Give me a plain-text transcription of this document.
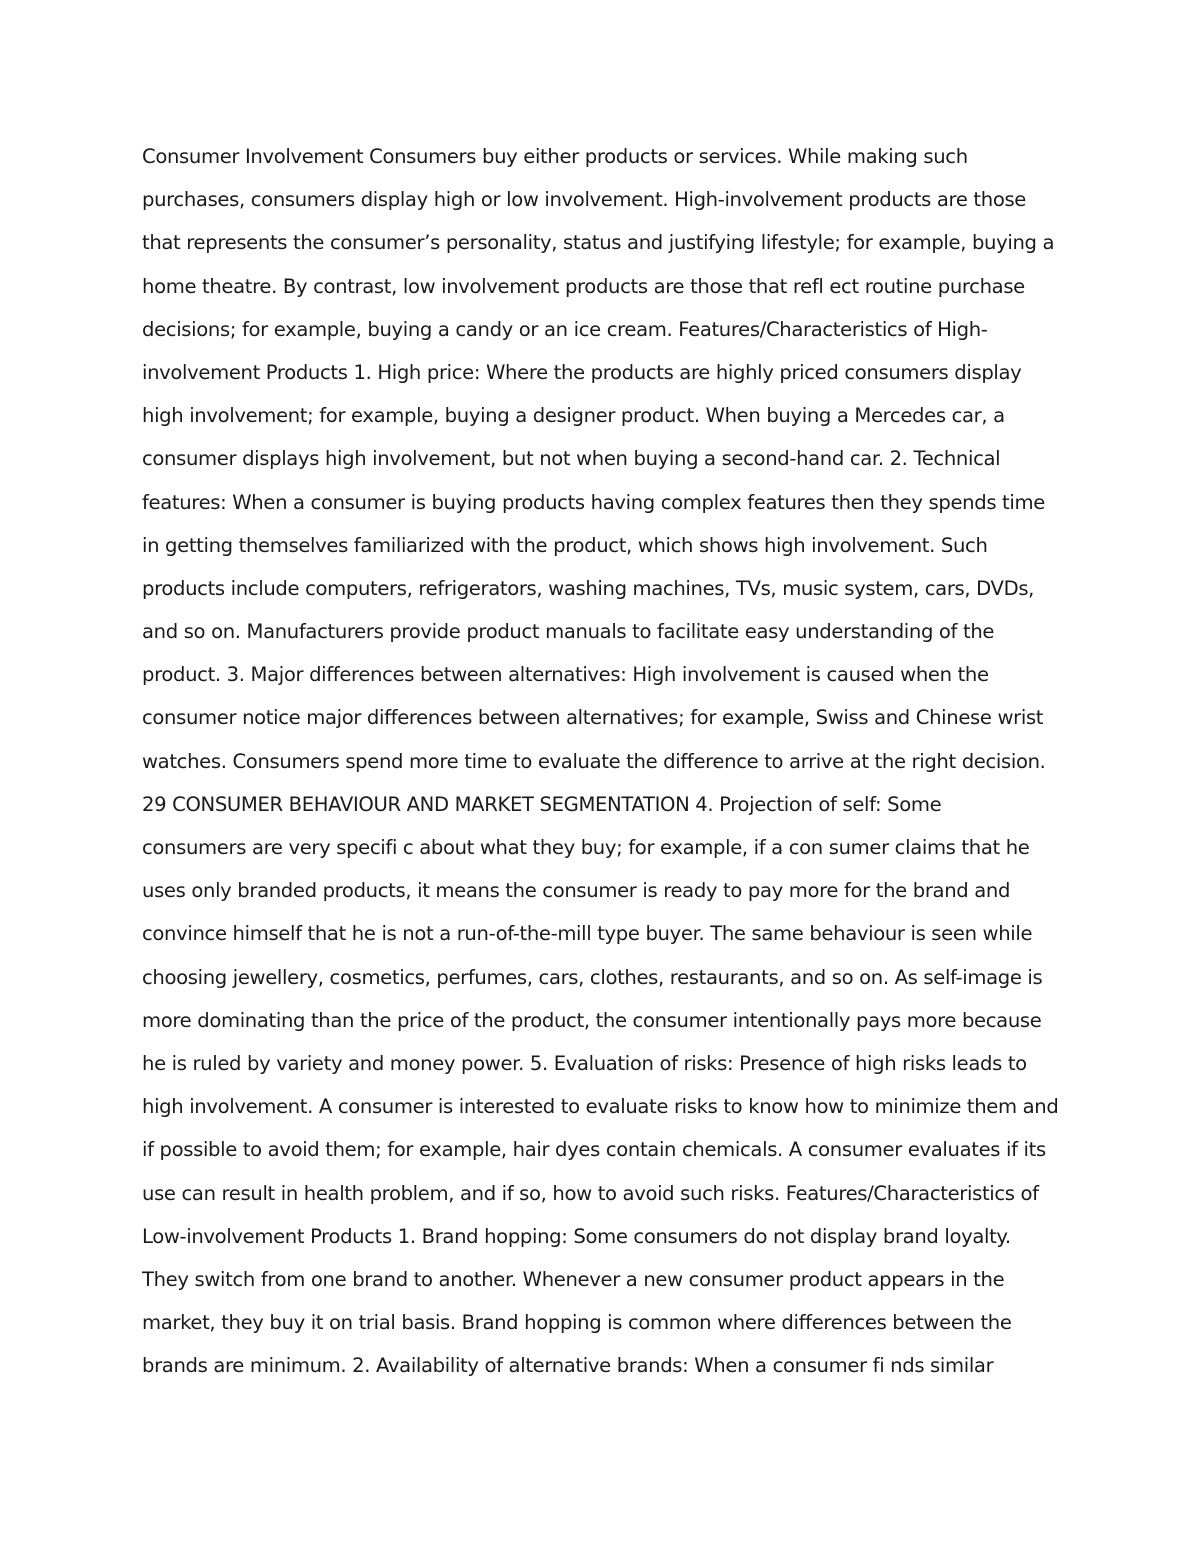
Consumer Involvement Consumers buy either products or services. While making such
purchases, consumers display high or low involvement. High-involvement products are those
that represents the consumer’s personality, status and justifying lifestyle; for example, buying a
home theatre. By contrast, low involvement products are those that refl ect routine purchase
decisions; for example, buying a candy or an ice cream. Features/Characteristics of High-
involvement Products 1. High price: Where the products are highly priced consumers display
high involvement; for example, buying a designer product. When buying a Mercedes car, a
consumer displays high involvement, but not when buying a second-hand car. 2. Technical
features: When a consumer is buying products having complex features then they spends time
in getting themselves familiarized with the product, which shows high involvement. Such
products include computers, refrigerators, washing machines, TVs, music system, cars, DVDs,
and so on. Manufacturers provide product manuals to facilitate easy understanding of the
product. 3. Major differences between alternatives: High involvement is caused when the
consumer notice major differences between alternatives; for example, Swiss and Chinese wrist
watches. Consumers spend more time to evaluate the difference to arrive at the right decision.
29 CONSUMER BEHAVIOUR AND MARKET SEGMENTATION 4. Projection of self: Some
consumers are very specifi c about what they buy; for example, if a con sumer claims that he
uses only branded products, it means the consumer is ready to pay more for the brand and
convince himself that he is not a run-of-the-mill type buyer. The same behaviour is seen while
choosing jewellery, cosmetics, perfumes, cars, clothes, restaurants, and so on. As self-image is
more dominating than the price of the product, the consumer intentionally pays more because
he is ruled by variety and money power. 5. Evaluation of risks: Presence of high risks leads to
high involvement. A consumer is interested to evaluate risks to know how to minimize them and
if possible to avoid them; for example, hair dyes contain chemicals. A consumer evaluates if its
use can result in health problem, and if so, how to avoid such risks. Features/Characteristics of
Low-involvement Products 1. Brand hopping: Some consumers do not display brand loyalty.
They switch from one brand to another. Whenever a new consumer product appears in the
market, they buy it on trial basis. Brand hopping is common where differences between the
brands are minimum. 2. Availability of alternative brands: When a consumer fi nds similar
